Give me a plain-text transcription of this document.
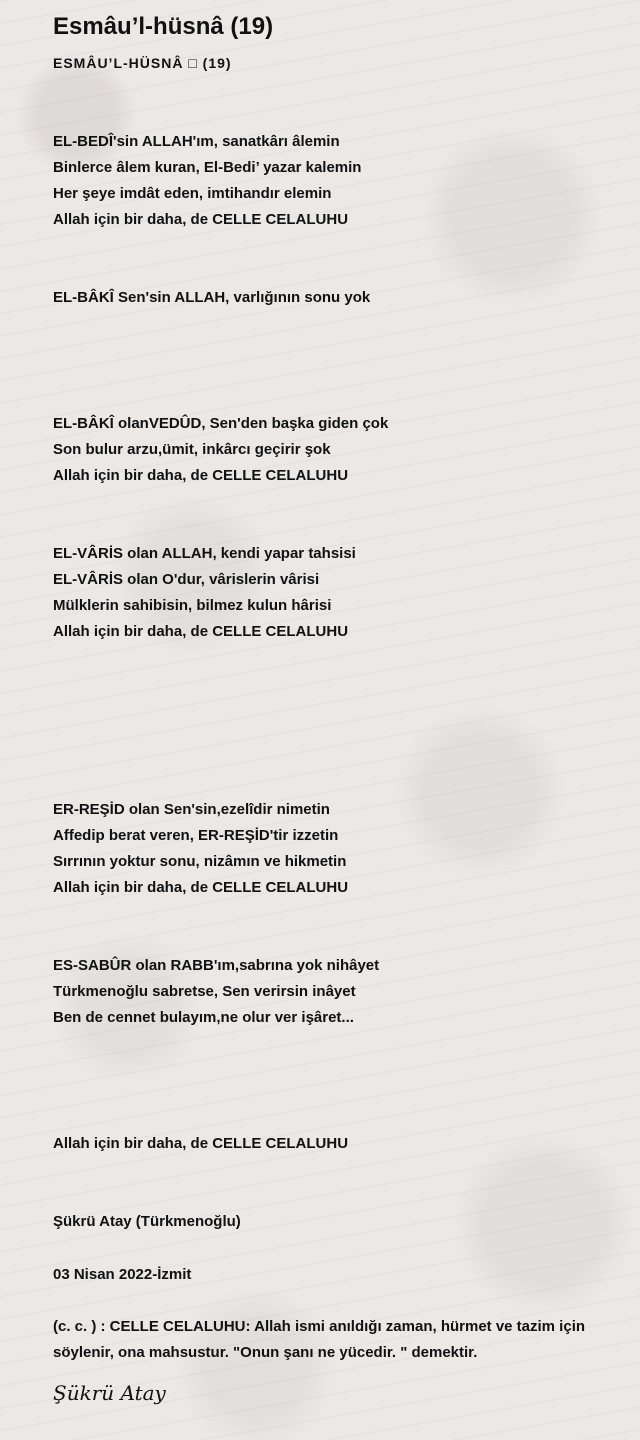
Esmâu’l-hüsnâ (19)
ESMÂU’L-HÜSNÂ □ (19)
EL-BEDÎ'sin ALLAH'ım, sanatkârı âlemin
Binlerce âlem kuran, El-Bedi’ yazar kalemin
Her şeye imdât eden, imtihandır elemin
Allah için bir daha, de CELLE CELALUHU
EL-BÂKÎ Sen'sin ALLAH, varlığının sonu yok
EL-BÂKÎ olanVEDÛD, Sen'den başka giden çok
Son bulur arzu,ümit, inkârcı geçirir şok
Allah için bir daha, de CELLE CELALUHU
EL-VÂRİS olan ALLAH, kendi yapar tahsisi
EL-VÂRİS olan O'dur, vârislerin vârisi
Mülklerin sahibisin, bilmez kulun hârisi
Allah için bir daha, de CELLE CELALUHU
ER-REŞİD olan Sen'sin,ezelîdir nimetin
Affedip berat veren, ER-REŞİD'tir izzetin
Sırrının yoktur sonu, nizâmın ve hikmetin
Allah için bir daha, de CELLE CELALUHU
ES-SABÛR olan RABB'ım,sabrına yok nihâyet
Türkmenoğlu sabretse, Sen verirsin inâyet
Ben de cennet bulayım,ne olur ver işâret...
Allah için bir daha, de CELLE CELALUHU
Şükrü Atay (Türkmenoğlu)
03 Nisan 2022-İzmit
(c. c. ) : CELLE CELALUHU: Allah ismi anıldığı zaman, hürmet ve tazim için söylenir, ona mahsustur. "Onun şanı ne yücedir. " demektir.
Şükrü Atay
